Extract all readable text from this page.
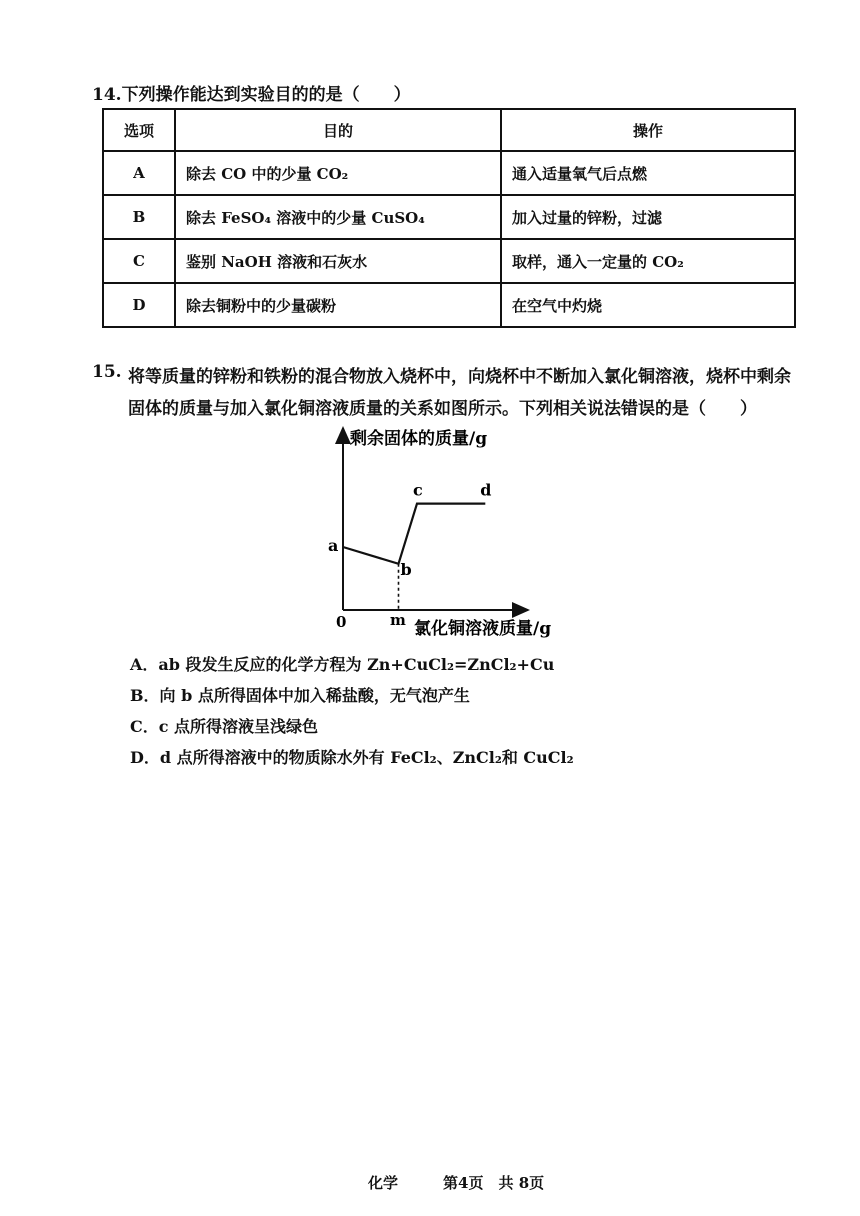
14.下列操作能达到实验目的的是（　　）
选项	目的	操作
A	除去 CO 中的少量 CO₂	通入适量氧气后点燃
B	除去 FeSO₄ 溶液中的少量 CuSO₄	加入过量的锌粉，过滤
C	鉴别 NaOH 溶液和石灰水	取样，通入一定量的 CO₂
D	除去铜粉中的少量碳粉	在空气中灼烧
15. 将等质量的锌粉和铁粉的混合物放入烧杯中，向烧杯中不断加入氯化铜溶液，烧杯中剩余
固体的质量与加入氯化铜溶液质量的关系如图所示。下列相关说法错误的是（　　）
剩余固体的质量/g
氯化铜溶液质量/g
0	m
a
b
c	d
A．ab 段发生反应的化学方程为 Zn+CuCl₂=ZnCl₂+Cu
B．向 b 点所得固体中加入稀盐酸，无气泡产生
C．c 点所得溶液呈浅绿色
D．d 点所得溶液中的物质除水外有 FeCl₂、ZnCl₂和 CuCl₂
化学　　　	第4页　 共 8页
